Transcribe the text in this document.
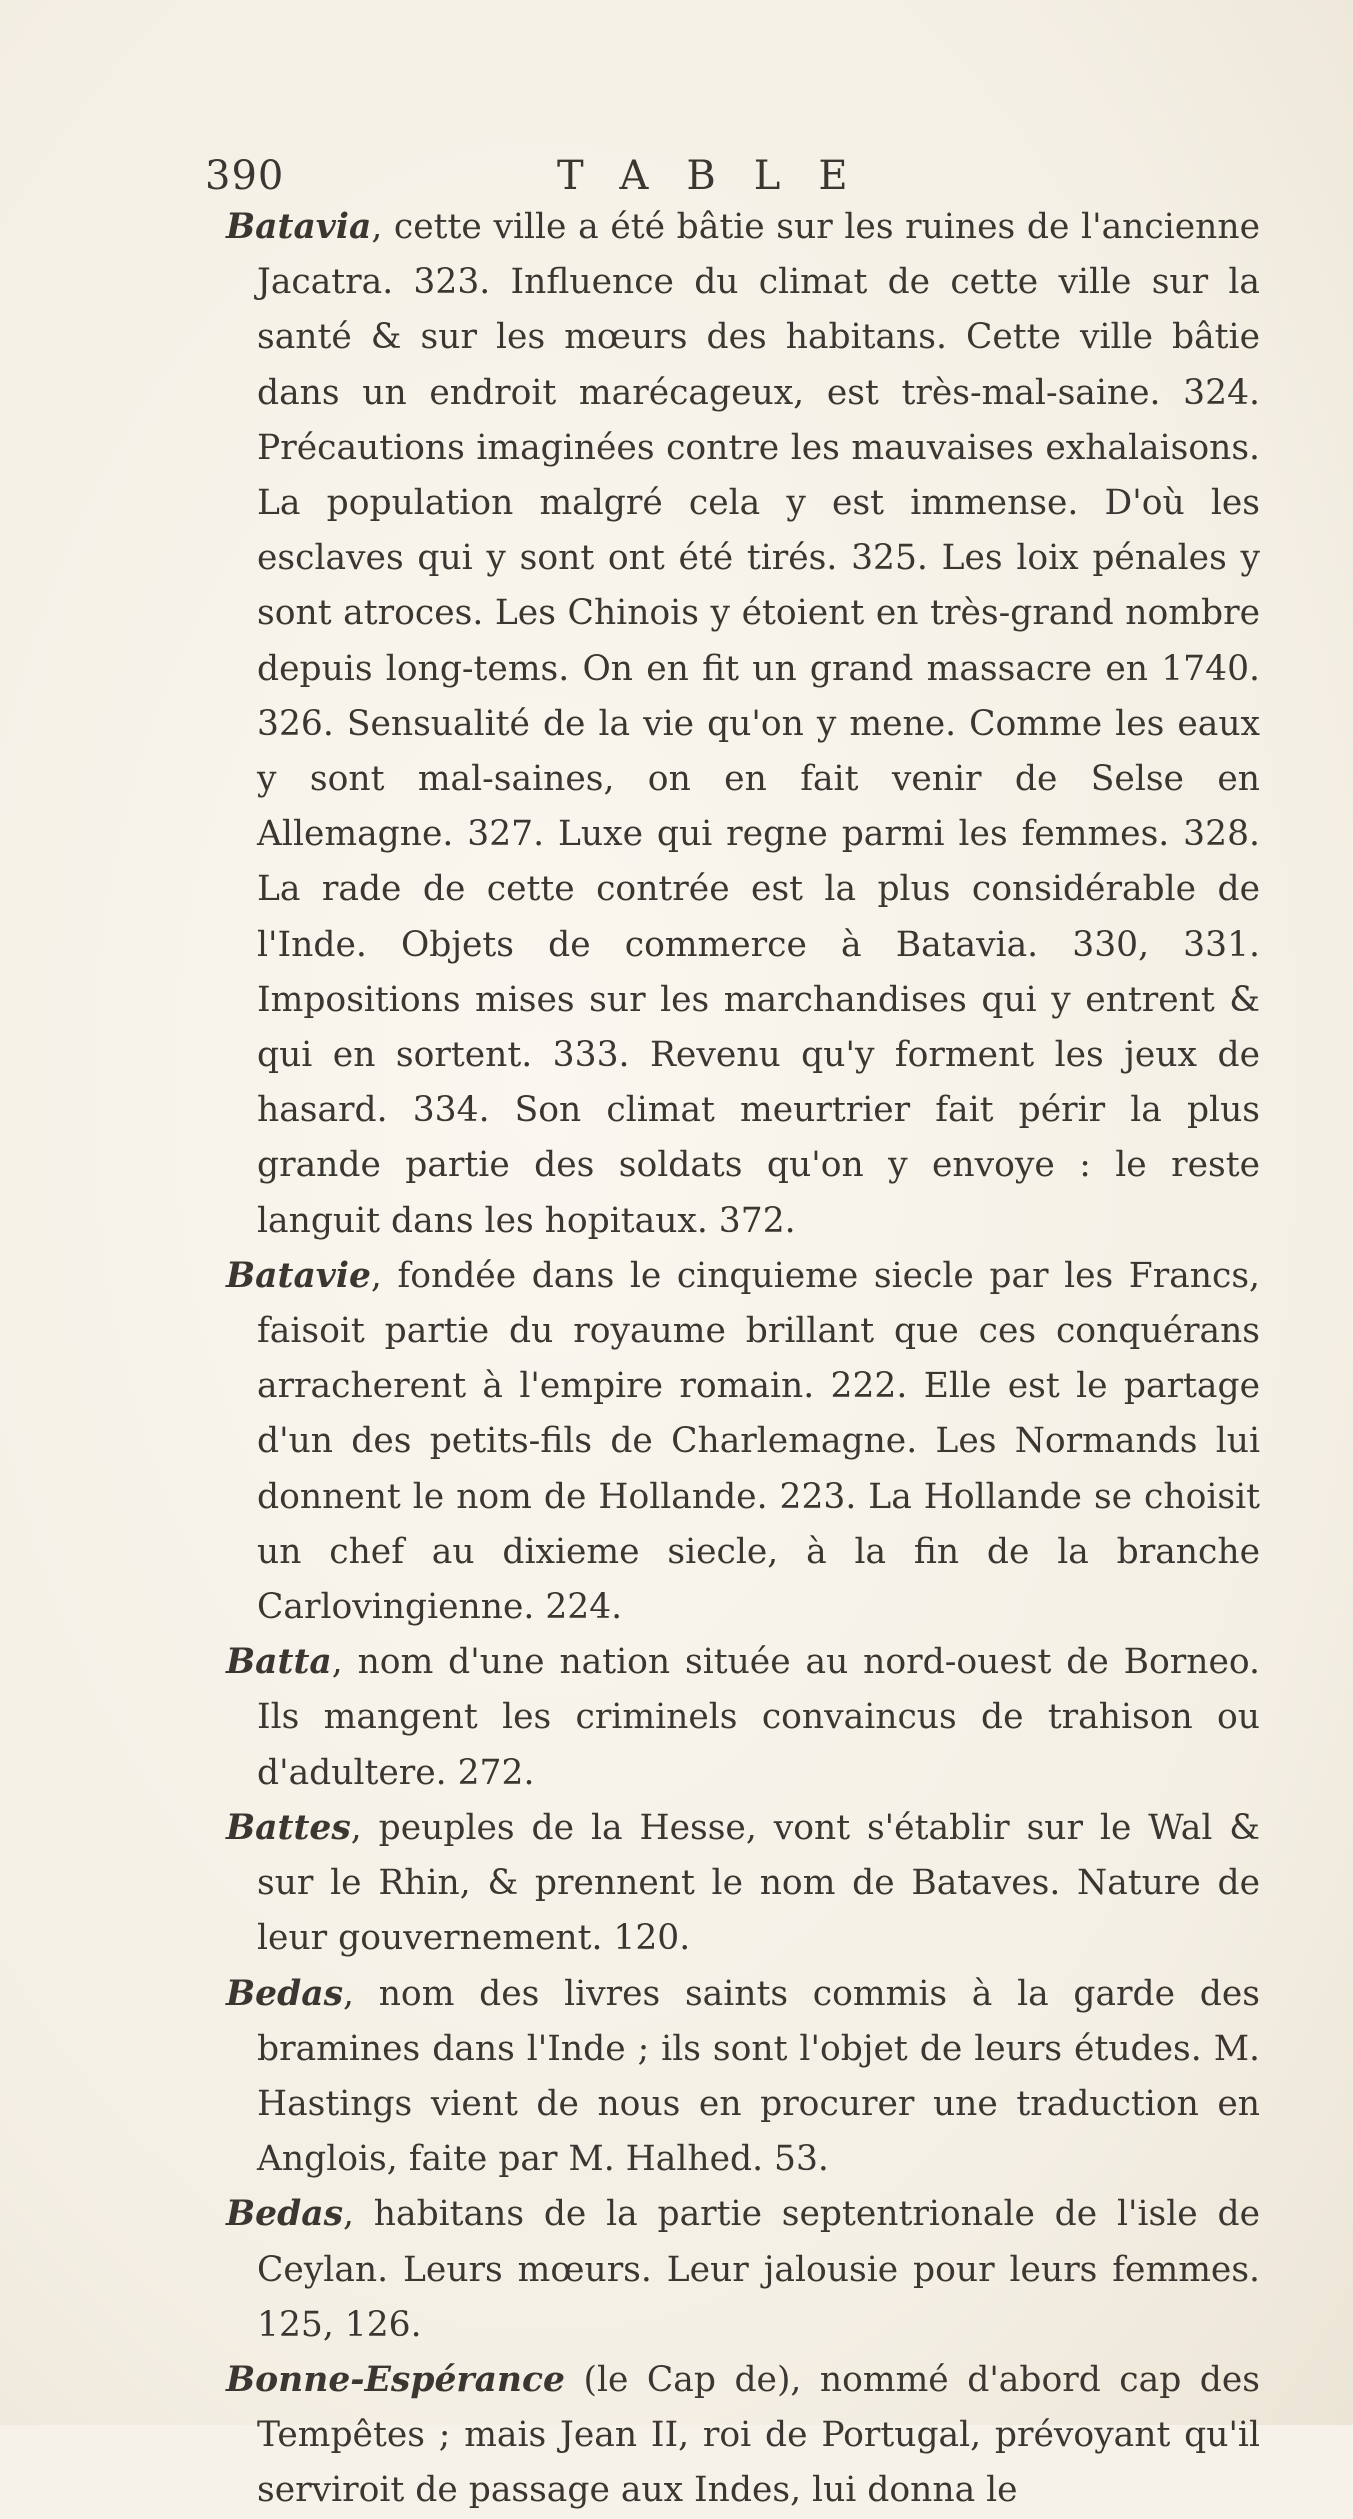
390	TABLE

Batavia, cette ville a été bâtie sur les ruines de l'ancienne Jacatra. 323. Influence du climat de cette ville sur la santé & sur les mœurs des habitans. Cette ville bâtie dans un endroit marécageux, est très-mal-saine. 324. Précautions imaginées contre les mauvaises exhalaisons. La population malgré cela y est immense. D'où les esclaves qui y sont ont été tirés. 325. Les loix pénales y sont atroces. Les Chinois y étoient en très-grand nombre depuis long-tems. On en fit un grand massacre en 1740. 326. Sensualité de la vie qu'on y mene. Comme les eaux y sont mal-saines, on en fait venir de Selse en Allemagne. 327. Luxe qui regne parmi les femmes. 328. La rade de cette contrée est la plus considérable de l'Inde. Objets de commerce à Batavia. 330, 331. Impositions mises sur les marchandises qui y entrent & qui en sortent. 333. Revenu qu'y forment les jeux de hasard. 334. Son climat meurtrier fait périr la plus grande partie des soldats qu'on y envoye : le reste languit dans les hopitaux. 372.

Batavie, fondée dans le cinquieme siecle par les Francs, faisoit partie du royaume brillant que ces conquérans arracherent à l'empire romain. 222. Elle est le partage d'un des petits-fils de Charlemagne. Les Normands lui donnent le nom de Hollande. 223. La Hollande se choisit un chef au dixieme siecle, à la fin de la branche Carlovingienne. 224.

Batta, nom d'une nation située au nord-ouest de Borneo. Ils mangent les criminels convaincus de trahison ou d'adultere. 272.

Battes, peuples de la Hesse, vont s'établir sur le Wal & sur le Rhin, & prennent le nom de Bataves. Nature de leur gouvernement. 120.

Bedas, nom des livres saints commis à la garde des bramines dans l'Inde ; ils sont l'objet de leurs études. M. Hastings vient de nous en procurer une traduction en Anglois, faite par M. Halhed. 53.

Bedas, habitans de la partie septentrionale de l'isle de Ceylan. Leurs mœurs. Leur jalousie pour leurs femmes. 125, 126.

Bonne-Espérance (le Cap de), nommé d'abord cap des Tempêtes ; mais Jean II, roi de Portugal, prévoyant qu'il serviroit de passage aux Indes, lui donna le
